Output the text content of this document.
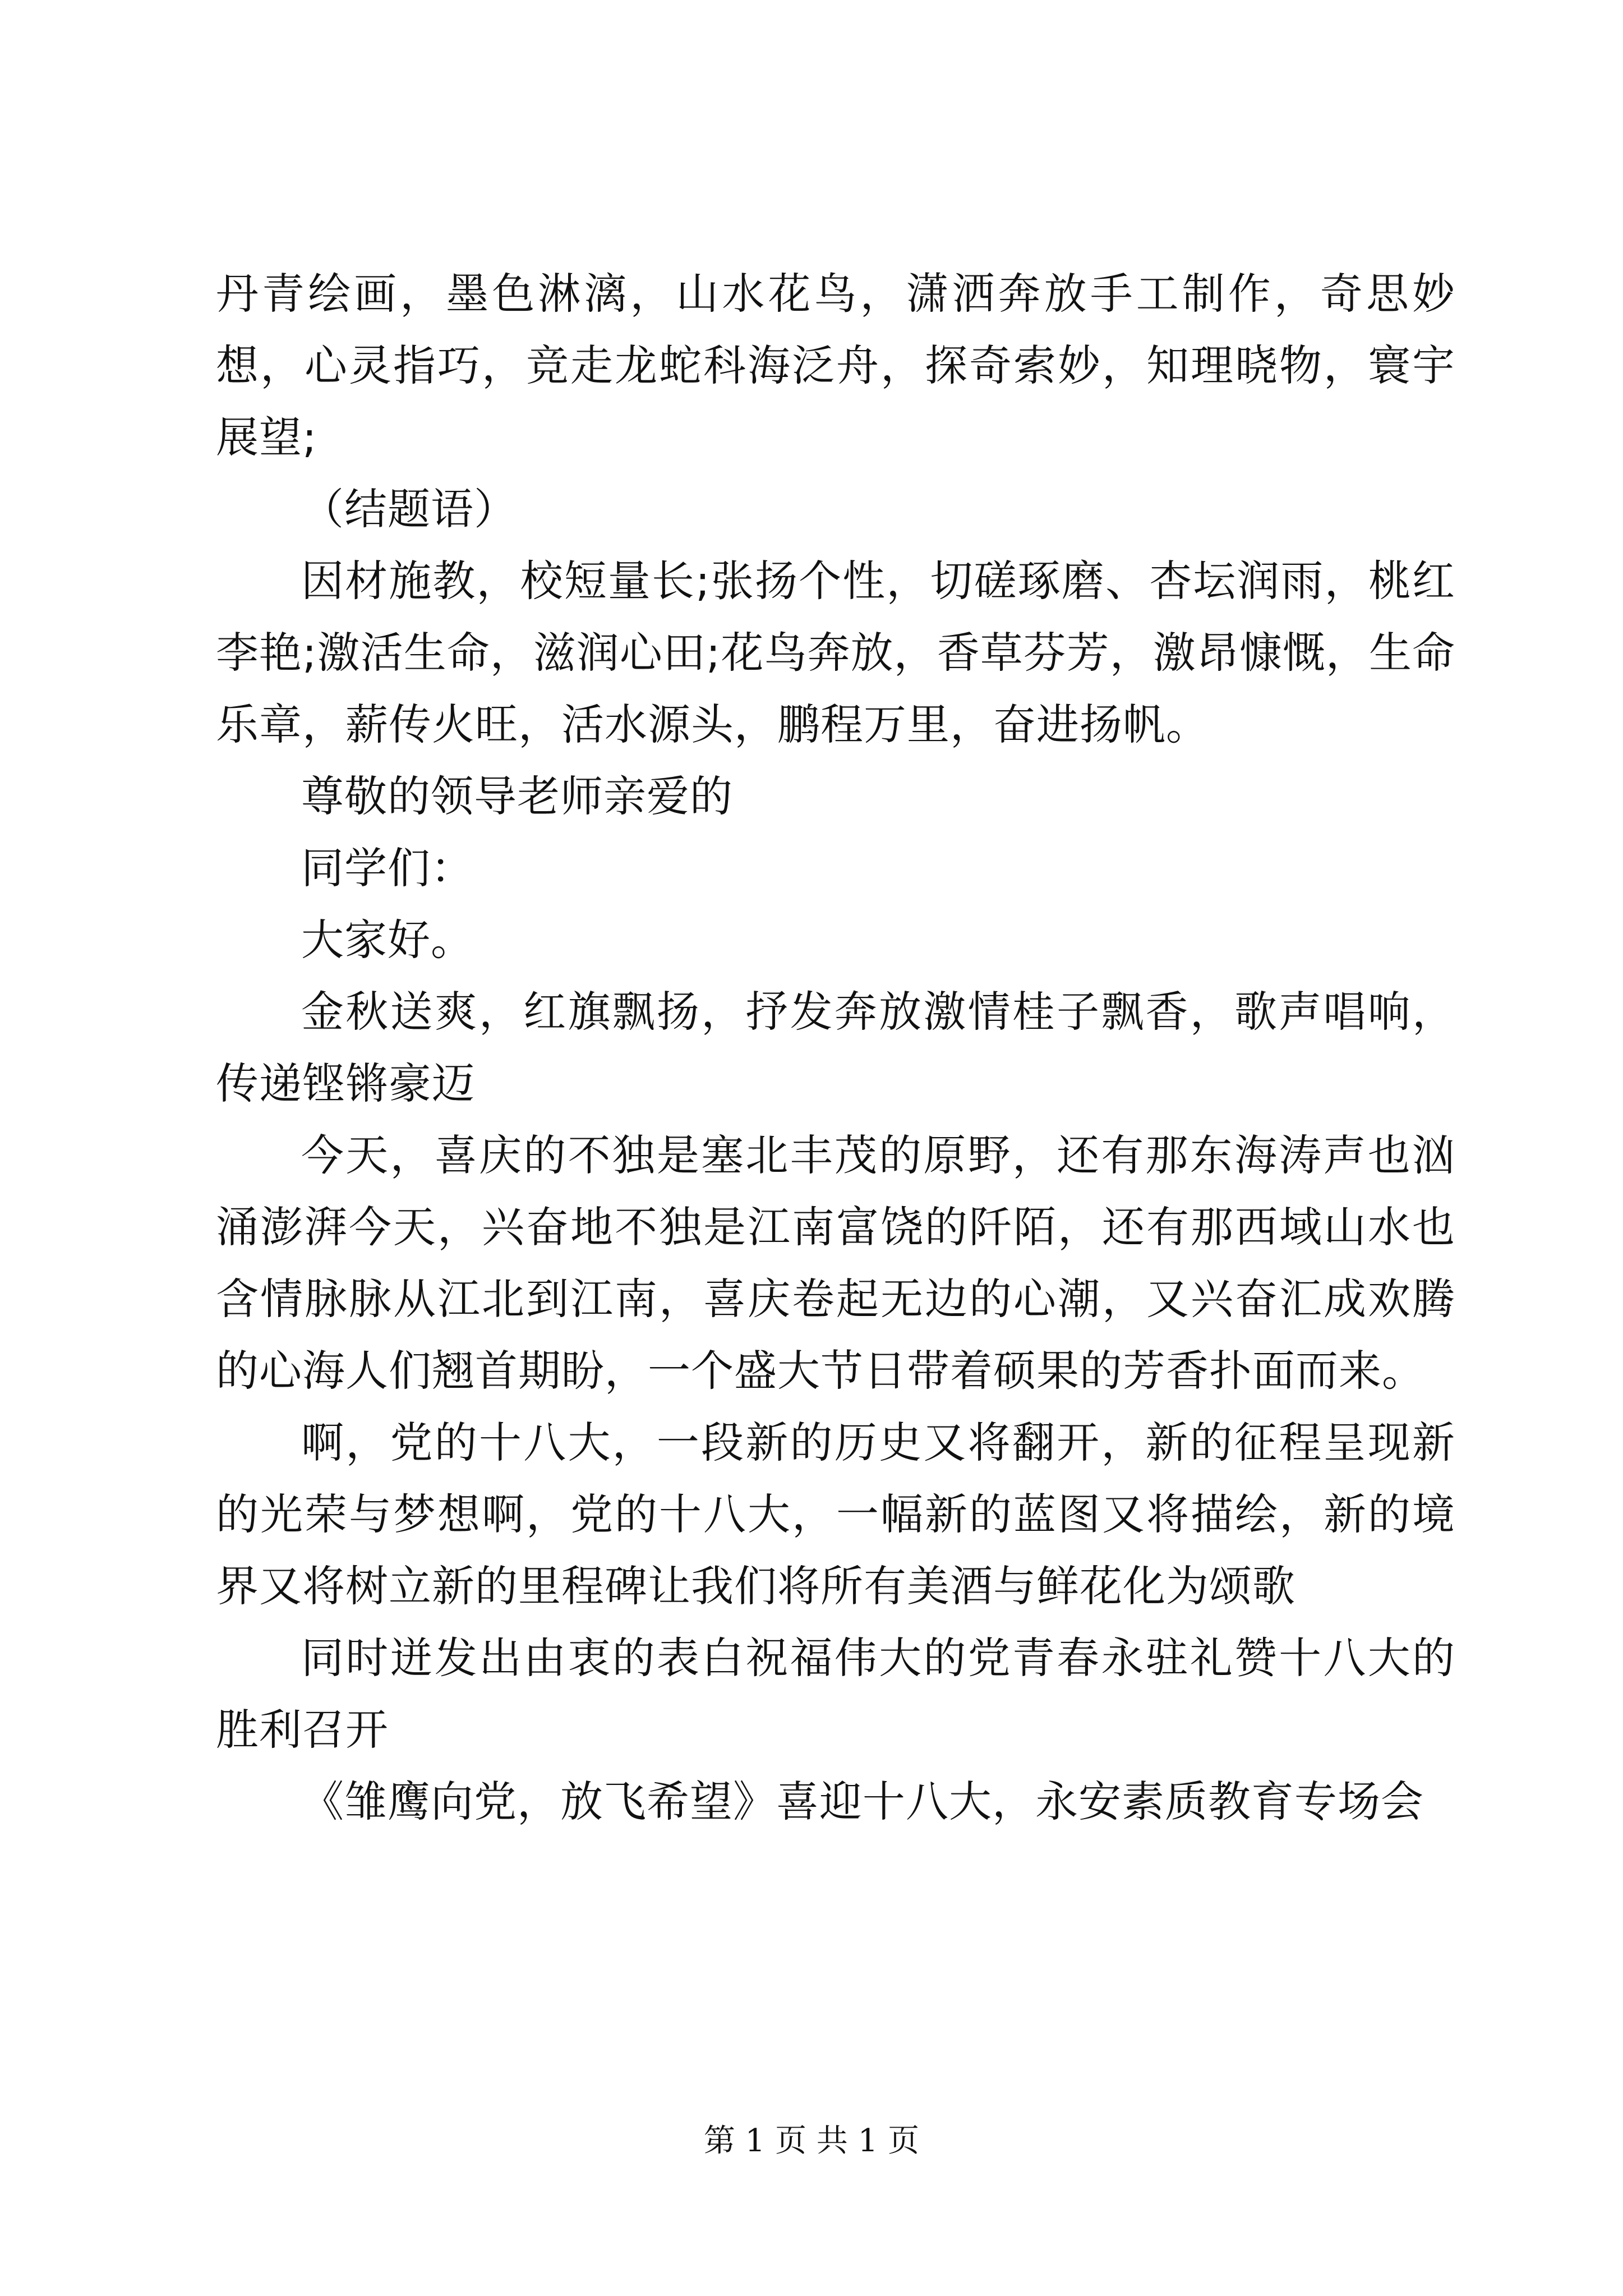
丹青绘画，墨色淋漓，山水花鸟，潇洒奔放手工制作，奇思妙想，心灵指巧，竞走龙蛇科海泛舟，探奇索妙，知理晓物，寰宇展望;

（结题语）

因材施教，校短量长;张扬个性，切磋琢磨、杏坛润雨，桃红李艳;激活生命，滋润心田;花鸟奔放，香草芬芳，激昂慷慨，生命乐章，薪传火旺，活水源头，鹏程万里，奋进扬帆。

尊敬的领导老师亲爱的

同学们：

大家好。

金秋送爽，红旗飘扬，抒发奔放激情桂子飘香，歌声唱响，传递铿锵豪迈

今天，喜庆的不独是塞北丰茂的原野，还有那东海涛声也汹涌澎湃今天，兴奋地不独是江南富饶的阡陌，还有那西域山水也含情脉脉从江北到江南，喜庆卷起无边的心潮，又兴奋汇成欢腾的心海人们翘首期盼，一个盛大节日带着硕果的芳香扑面而来。

啊，党的十八大，一段新的历史又将翻开，新的征程呈现新的光荣与梦想啊，党的十八大，一幅新的蓝图又将描绘，新的境界又将树立新的里程碑让我们将所有美酒与鲜花化为颂歌

同时迸发出由衷的表白祝福伟大的党青春永驻礼赞十八大的胜利召开

《雏鹰向党，放飞希望》喜迎十八大，永安素质教育专场会

第 1 页 共 1 页
